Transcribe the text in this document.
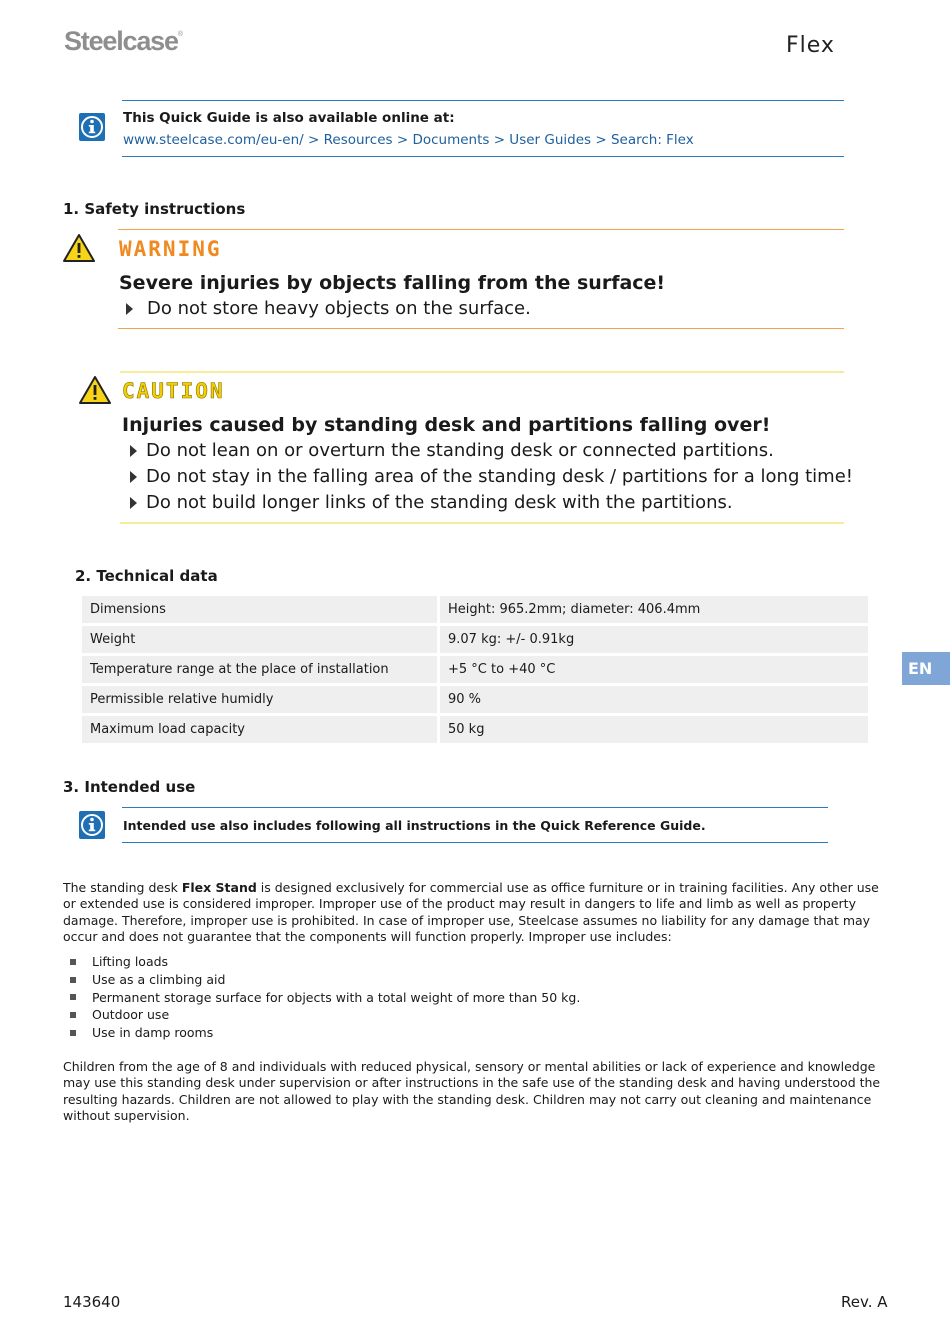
Steelcase®	Flex
This Quick Guide is also available online at:
www.steelcase.com/eu-en/ > Resources > Documents > User Guides > Search: Flex
1. Safety instructions
WARNING
Severe injuries by objects falling from the surface!
Do not store heavy objects on the surface.
CAUTION
Injuries caused by standing desk and partitions falling over!
Do not lean on or overturn the standing desk or connected partitions.
Do not stay in the falling area of the standing desk / partitions for a long time!
Do not build longer links of the standing desk with the partitions.
2. Technical data
Dimensions	Height: 965.2mm; diameter: 406.4mm
Weight	9.07 kg: +/- 0.91kg
Temperature range at the place of installation	+5 °C to +40 °C
Permissible relative humidly	90 %
Maximum load capacity	50 kg
EN
3. Intended use
Intended use also includes following all instructions in the Quick Reference Guide.
The standing desk Flex Stand is designed exclusively for commercial use as office furniture or in training facilities. Any other use or extended use is considered improper. Improper use of the product may result in dangers to life and limb as well as property damage. Therefore, improper use is prohibited. In case of improper use, Steelcase assumes no liability for any damage that may occur and does not guarantee that the components will function properly. Improper use includes:
Lifting loads
Use as a climbing aid
Permanent storage surface for objects with a total weight of more than 50 kg.
Outdoor use
Use in damp rooms
Children from the age of 8 and individuals with reduced physical, sensory or mental abilities or lack of experience and knowledge may use this standing desk under supervision or after instructions in the safe use of the standing desk and having understood the resulting hazards. Children are not allowed to play with the standing desk. Children may not carry out cleaning and maintenance without supervision.
143640	Rev. A
